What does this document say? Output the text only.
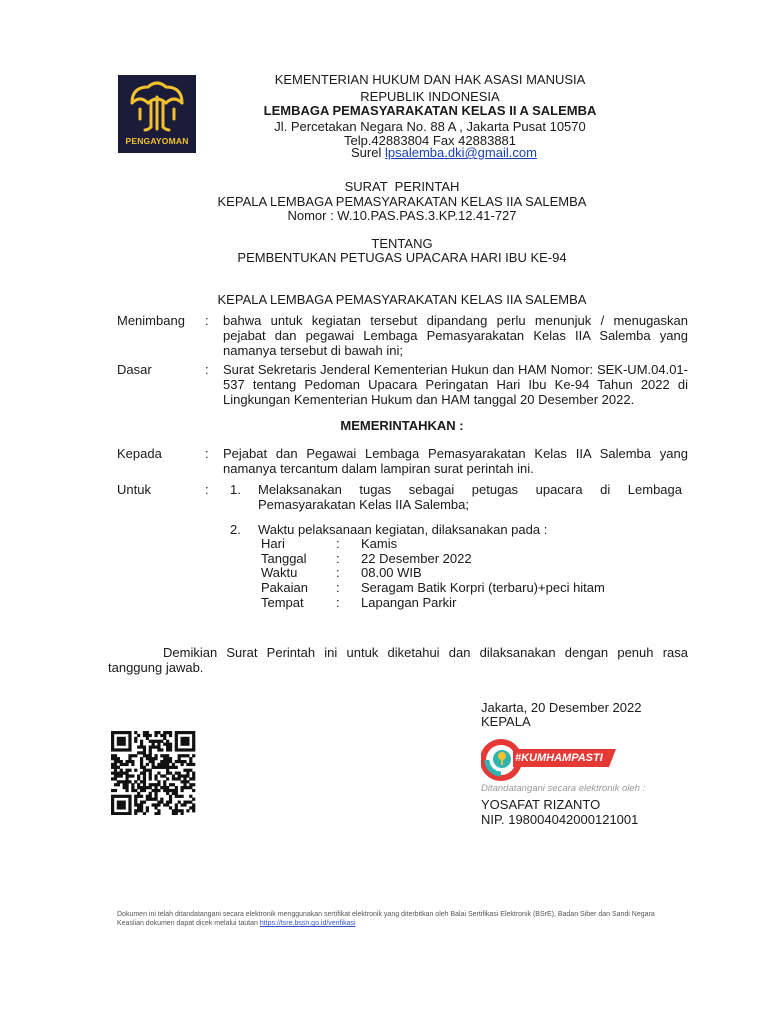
PENGAYOMAN
KEMENTERIAN HUKUM DAN HAK ASASI MANUSIA
REPUBLIK INDONESIA
LEMBAGA PEMASYARAKATAN KELAS II A SALEMBA
Jl. Percetakan Negara No. 88 A , Jakarta Pusat 10570
Telp.42883804 Fax 42883881
Surel lpsalemba.dki@gmail.com
SURAT  PERINTAH
KEPALA LEMBAGA PEMASYARAKATAN KELAS IIA SALEMBA
Nomor : W.10.PAS.PAS.3.KP.12.41-727
TENTANG
PEMBENTUKAN PETUGAS UPACARA HARI IBU KE-94
KEPALA LEMBAGA PEMASYARAKATAN KELAS IIA SALEMBA
Menimbang : bahwa untuk kegiatan tersebut dipandang perlu menunjuk / menugaskan pejabat dan pegawai Lembaga Pemasyarakatan Kelas IIA Salemba yang namanya tersebut di bawah ini;
Dasar	: Surat Sekretaris Jenderal Kementerian Hukun dan HAM Nomor: SEK-UM.04.01-537 tentang Pedoman Upacara Peringatan Hari Ibu Ke-94 Tahun 2022 di Lingkungan Kementerian Hukum dan HAM tanggal 20 Desember 2022.
MEMERINTAHKAN :
Kepada	: Pejabat dan Pegawai Lembaga Pemasyarakatan Kelas IIA Salemba yang namanya tercantum dalam lampiran surat perintah ini.
Untuk	: 1. Melaksanakan tugas sebagai petugas upacara di Lembaga Pemasyarakatan Kelas IIA Salemba;
2. Waktu pelaksanaan kegiatan, dilaksanakan pada :
Hari	: Kamis
Tanggal : 22 Desember 2022
Waktu	: 08.00 WIB
Pakaian : Seragam Batik Korpri (terbaru)+peci hitam
Tempat : Lapangan Parkir
Demikian Surat Perintah ini untuk diketahui dan dilaksanakan dengan penuh rasa tanggung jawab.
Jakarta, 20 Desember 2022
KEPALA
#KUMHAMPASTI
Ditandatangani secara elektronik oleh :
YOSAFAT RIZANTO
NIP. 198004042000121001
Dokumen ini telah ditandatangani secara elektronik menggunakan sertifikat elektronik yang diterbitkan oleh Balai Sertifikasi Elektronik (BSrE), Badan Siber dan Sandi Negara
Keaslian dokumen dapat dicek melalui tautan https://tsre.bssn.go.id/verifikasi
